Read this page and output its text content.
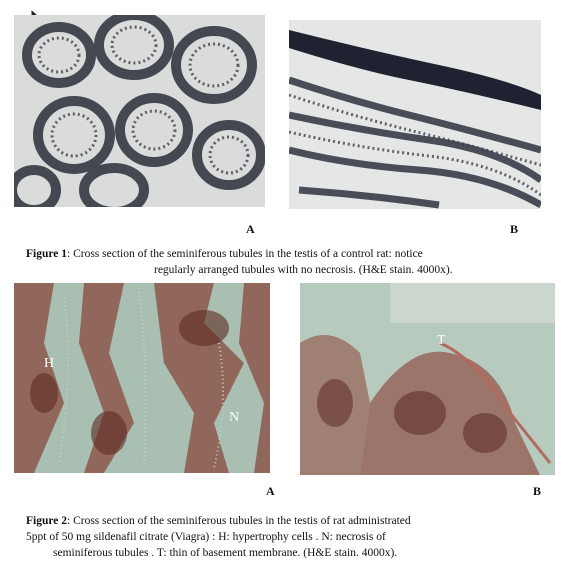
A	B
Figure 1: Cross section of the seminiferous tubules in the testis of a control rat: notice
regularly arranged tubules with no necrosis. (H&E stain. 4000x).
H
N
A
T
B
Figure 2: Cross section of the seminiferous tubules in the testis of rat administrated
5ppt of 50 mg sildenafil citrate (Viagra) : H: hypertrophy cells . N: necrosis of
seminiferous tubules . T: thin of basement membrane. (H&E stain. 4000x).
